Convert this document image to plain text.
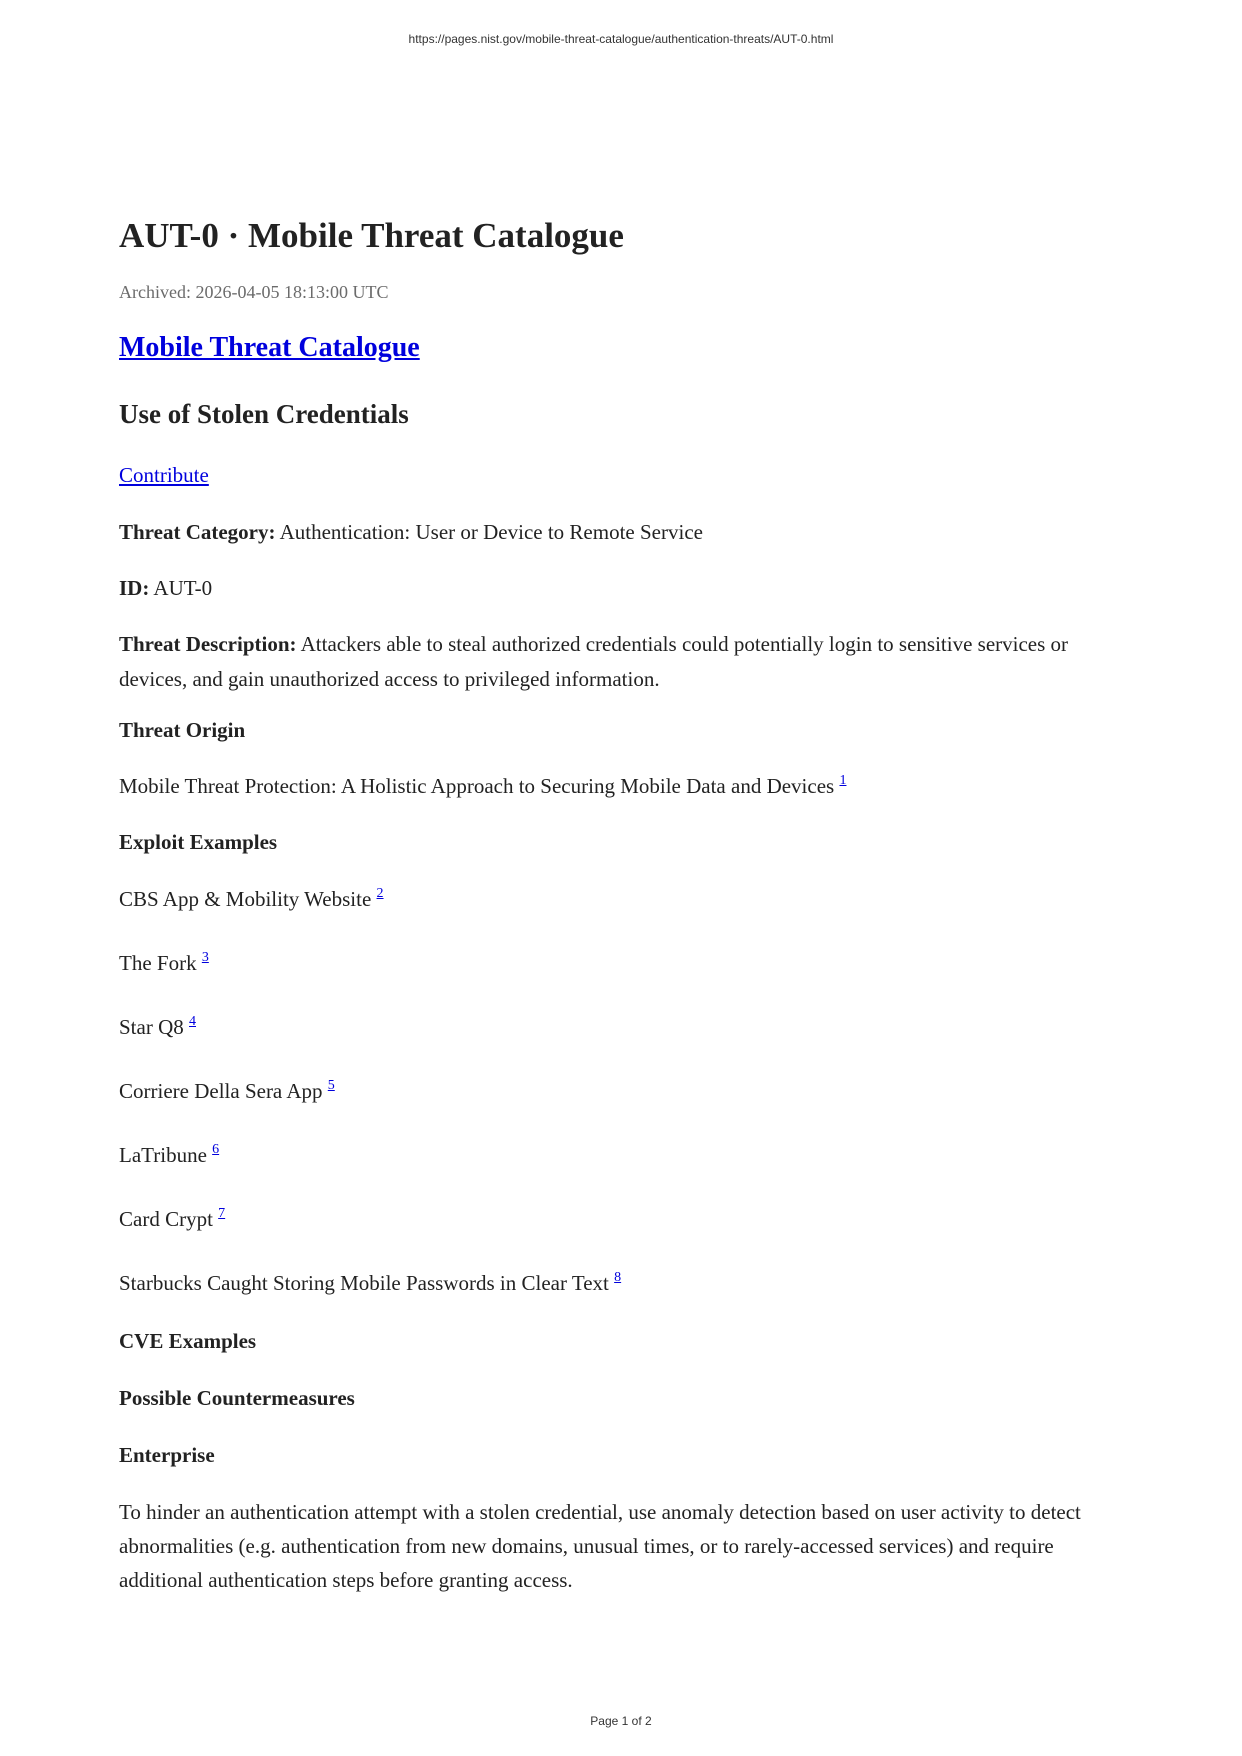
https://pages.nist.gov/mobile-threat-catalogue/authentication-threats/AUT-0.html
AUT-0 · Mobile Threat Catalogue
Archived: 2026-04-05 18:13:00 UTC
Mobile Threat Catalogue
Use of Stolen Credentials

Contribute

Threat Category: Authentication: User or Device to Remote Service

ID: AUT-0

Threat Description: Attackers able to steal authorized credentials could potentially login to sensitive services or devices, and gain unauthorized access to privileged information.

Threat Origin

Mobile Threat Protection: A Holistic Approach to Securing Mobile Data and Devices $^1$

Exploit Examples

CBS App & Mobility Website $^2$

The Fork $^3$

Star Q8 $^4$

Corriere Della Sera App $^5$

LaTribune $^6$

Card Crypt $^7$

Starbucks Caught Storing Mobile Passwords in Clear Text $^8$

CVE Examples

Possible Countermeasures

Enterprise

To hinder an authentication attempt with a stolen credential, use anomaly detection based on user activity to detect abnormalities (e.g. authentication from new domains, unusual times, or to rarely-accessed services) and require additional authentication steps before granting access.

Page 1 of 2
